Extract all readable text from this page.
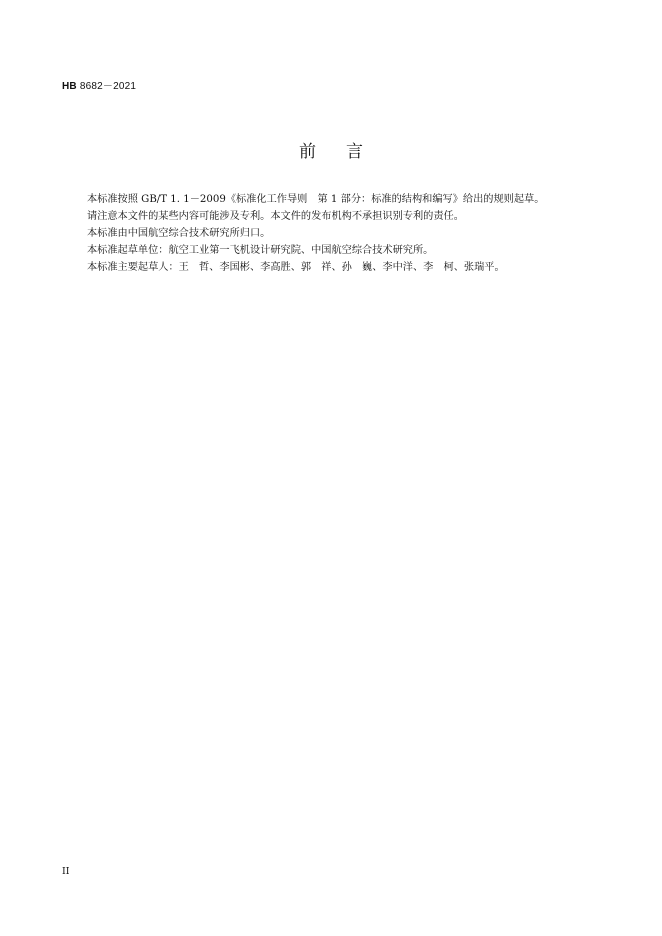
HB 8682－2021
前言
本标准按照 GB/T 1. 1－2009《标准化工作导则　第 1 部分：标准的结构和编写》给出的规则起草。
请注意本文件的某些内容可能涉及专利。本文件的发布机构不承担识别专利的责任。
本标准由中国航空综合技术研究所归口。
本标准起草单位：航空工业第一飞机设计研究院、中国航空综合技术研究所。
本标准主要起草人：王　哲、李国彬、李高胜、郭　祥、孙　巍、李中洋、李　柯、张瑞平。
II
